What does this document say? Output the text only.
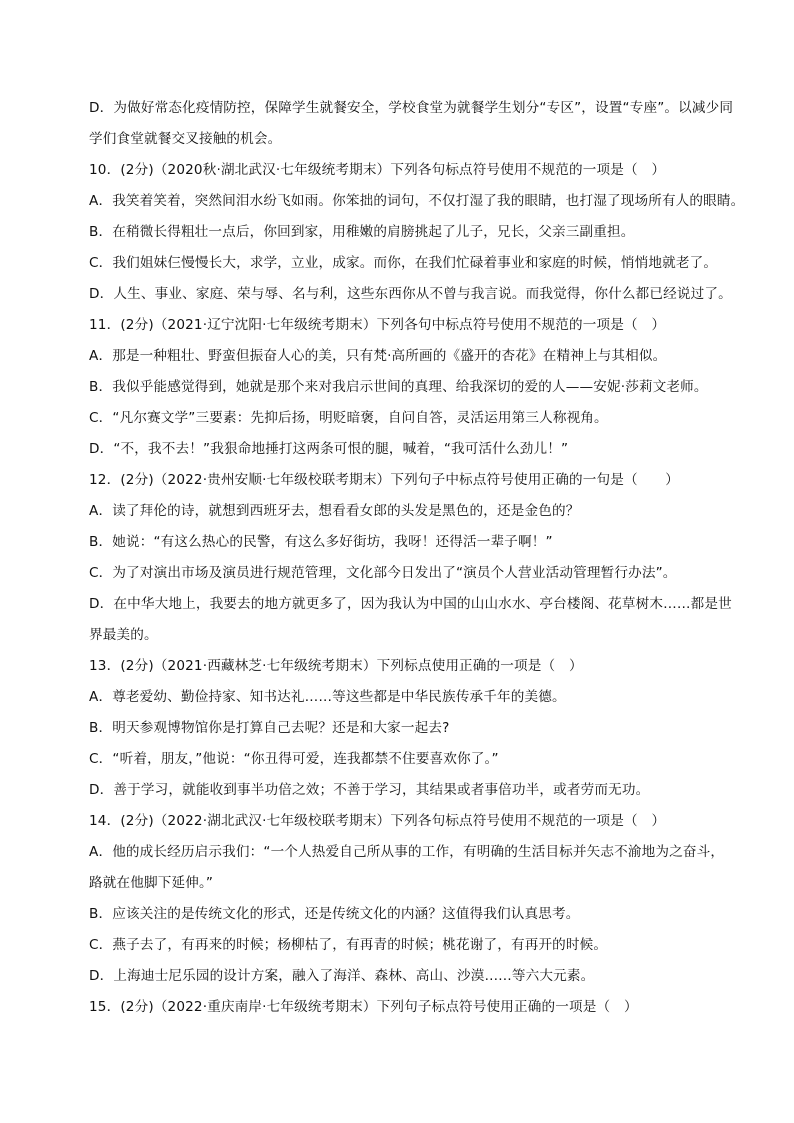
D．为做好常态化疫情防控，保障学生就餐安全，学校食堂为就餐学生划分“专区”，设置“专座”。以减少同
学们食堂就餐交叉接触的机会。
10．(2分)（2020秋·湖北武汉·七年级统考期末）下列各句标点符号使用不规范的一项是（　）
A．我笑着笑着，突然间泪水纷飞如雨。你笨拙的词句，不仅打湿了我的眼睛，也打湿了现场所有人的眼睛。
B．在稍微长得粗壮一点后，你回到家，用稚嫩的肩膀挑起了儿子，兄长，父亲三副重担。
C．我们姐妹仨慢慢长大，求学，立业，成家。而你，在我们忙碌着事业和家庭的时候，悄悄地就老了。
D．人生、事业、家庭、荣与辱、名与利，这些东西你从不曾与我言说。而我觉得，你什么都已经说过了。
11．(2分)（2021·辽宁沈阳·七年级统考期末）下列各句中标点符号使用不规范的一项是（　）
A．那是一种粗壮、野蛮但振奋人心的美，只有梵·高所画的《盛开的杏花》在精神上与其相似。
B．我似乎能感觉得到，她就是那个来对我启示世间的真理、给我深切的爱的人——安妮·莎莉文老师。
C．“凡尔赛文学”三要素：先抑后扬，明贬暗褒，自问自答，灵活运用第三人称视角。
D．“不，我不去！”我狠命地捶打这两条可恨的腿，喊着，“我可活什么劲儿！”
12．(2分)（2022·贵州安顺·七年级校联考期末）下列句子中标点符号使用正确的一句是（　　）
A．读了拜伦的诗，就想到西班牙去，想看看女郎的头发是黑色的，还是金色的？
B．她说：“有这么热心的民警，有这么多好街坊，我呀！还得活一辈子啊！”
C．为了对演出市场及演员进行规范管理，文化部今日发出了“演员个人营业活动管理暂行办法”。
D．在中华大地上，我要去的地方就更多了，因为我认为中国的山山水水、亭台楼阁、花草树木……都是世
界最美的。
13．(2分)（2021·西藏林芝·七年级统考期末）下列标点使用正确的一项是（　）
A．尊老爱幼、勤俭持家、知书达礼……等这些都是中华民族传承千年的美德。
B．明天参观博物馆你是打算自己去呢？还是和大家一起去?
C．“听着，朋友，”他说：“你丑得可爱，连我都禁不住要喜欢你了。”
D．善于学习，就能收到事半功倍之效；不善于学习，其结果或者事倍功半，或者劳而无功。
14．(2分)（2022·湖北武汉·七年级校联考期末）下列各句标点符号使用不规范的一项是（　）
A．他的成长经历启示我们：“一个人热爱自己所从事的工作，有明确的生活目标并矢志不渝地为之奋斗，
路就在他脚下延伸。”
B．应该关注的是传统文化的形式，还是传统文化的内涵？这值得我们认真思考。
C．燕子去了，有再来的时候；杨柳枯了，有再青的时候；桃花谢了，有再开的时候。
D．上海迪士尼乐园的设计方案，融入了海洋、森林、高山、沙漠……等六大元素。
15．(2分)（2022·重庆南岸·七年级统考期末）下列句子标点符号使用正确的一项是（　）
